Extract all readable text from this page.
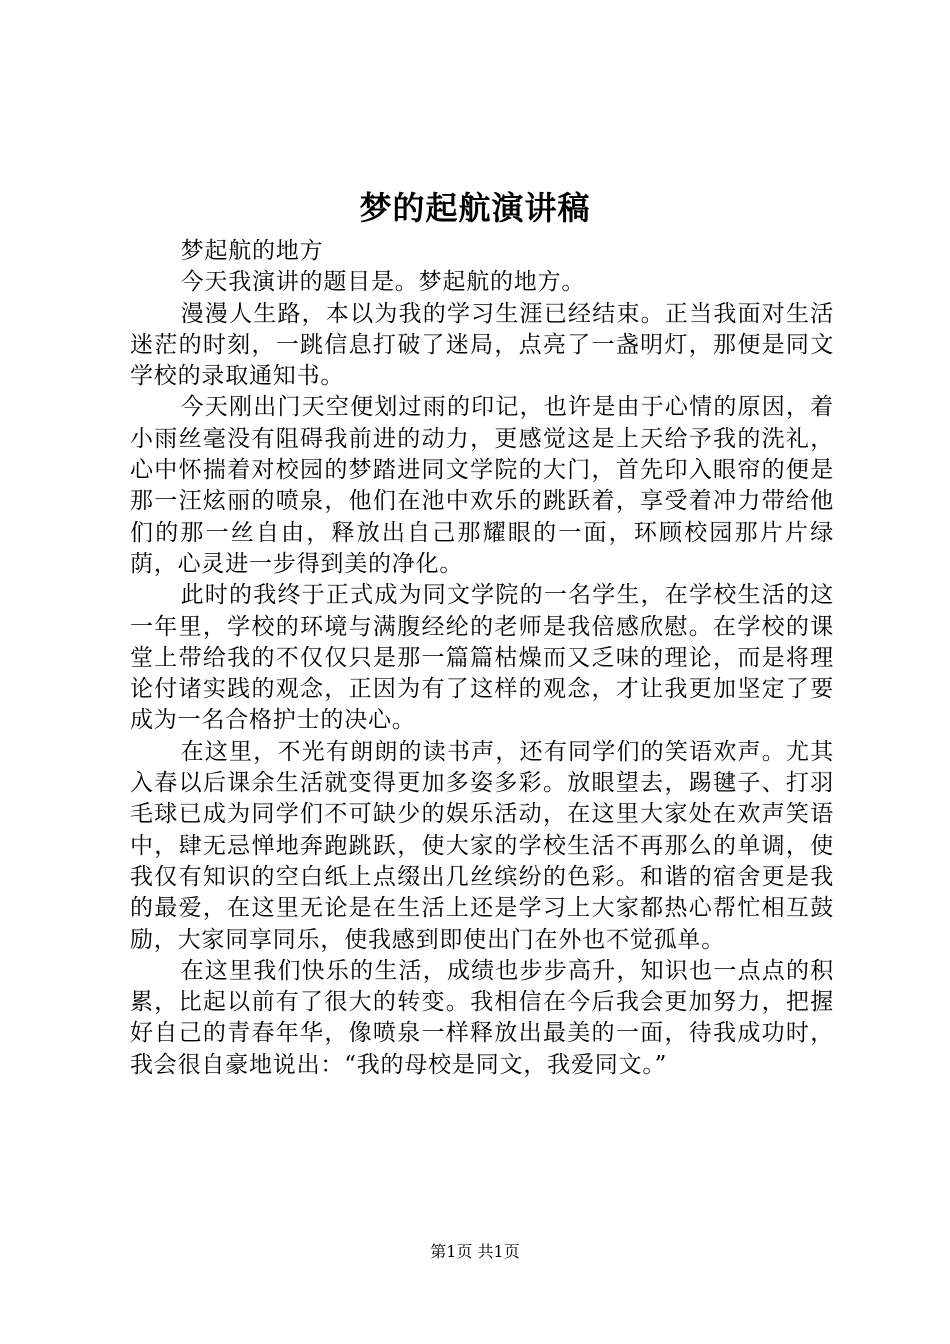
梦的起航演讲稿

梦起航的地方

今天我演讲的题目是。梦起航的地方。

漫漫人生路，本以为我的学习生涯已经结束。正当我面对生活迷茫的时刻，一跳信息打破了迷局，点亮了一盏明灯，那便是同文学校的录取通知书。

今天刚出门天空便划过雨的印记，也许是由于心情的原因，着小雨丝毫没有阻碍我前进的动力，更感觉这是上天给予我的洗礼，心中怀揣着对校园的梦踏进同文学院的大门，首先印入眼帘的便是那一汪炫丽的喷泉，他们在池中欢乐的跳跃着，享受着冲力带给他们的那一丝自由，释放出自己那耀眼的一面，环顾校园那片片绿荫，心灵进一步得到美的净化。

此时的我终于正式成为同文学院的一名学生，在学校生活的这一年里，学校的环境与满腹经纶的老师是我倍感欣慰。在学校的课堂上带给我的不仅仅只是那一篇篇枯燥而又乏味的理论，而是将理论付诸实践的观念，正因为有了这样的观念，才让我更加坚定了要成为一名合格护士的决心。

在这里，不光有朗朗的读书声，还有同学们的笑语欢声。尤其入春以后课余生活就变得更加多姿多彩。放眼望去，踢毽子、打羽毛球已成为同学们不可缺少的娱乐活动，在这里大家处在欢声笑语中，肆无忌惮地奔跑跳跃，使大家的学校生活不再那么的单调，使我仅有知识的空白纸上点缀出几丝缤纷的色彩。和谐的宿舍更是我的最爱，在这里无论是在生活上还是学习上大家都热心帮忙相互鼓励，大家同享同乐，使我感到即使出门在外也不觉孤单。

在这里我们快乐的生活，成绩也步步高升，知识也一点点的积累，比起以前有了很大的转变。我相信在今后我会更加努力，把握好自己的青春年华，像喷泉一样释放出最美的一面，待我成功时，我会很自豪地说出：“我的母校是同文，我爱同文。”

第1页 共1页
